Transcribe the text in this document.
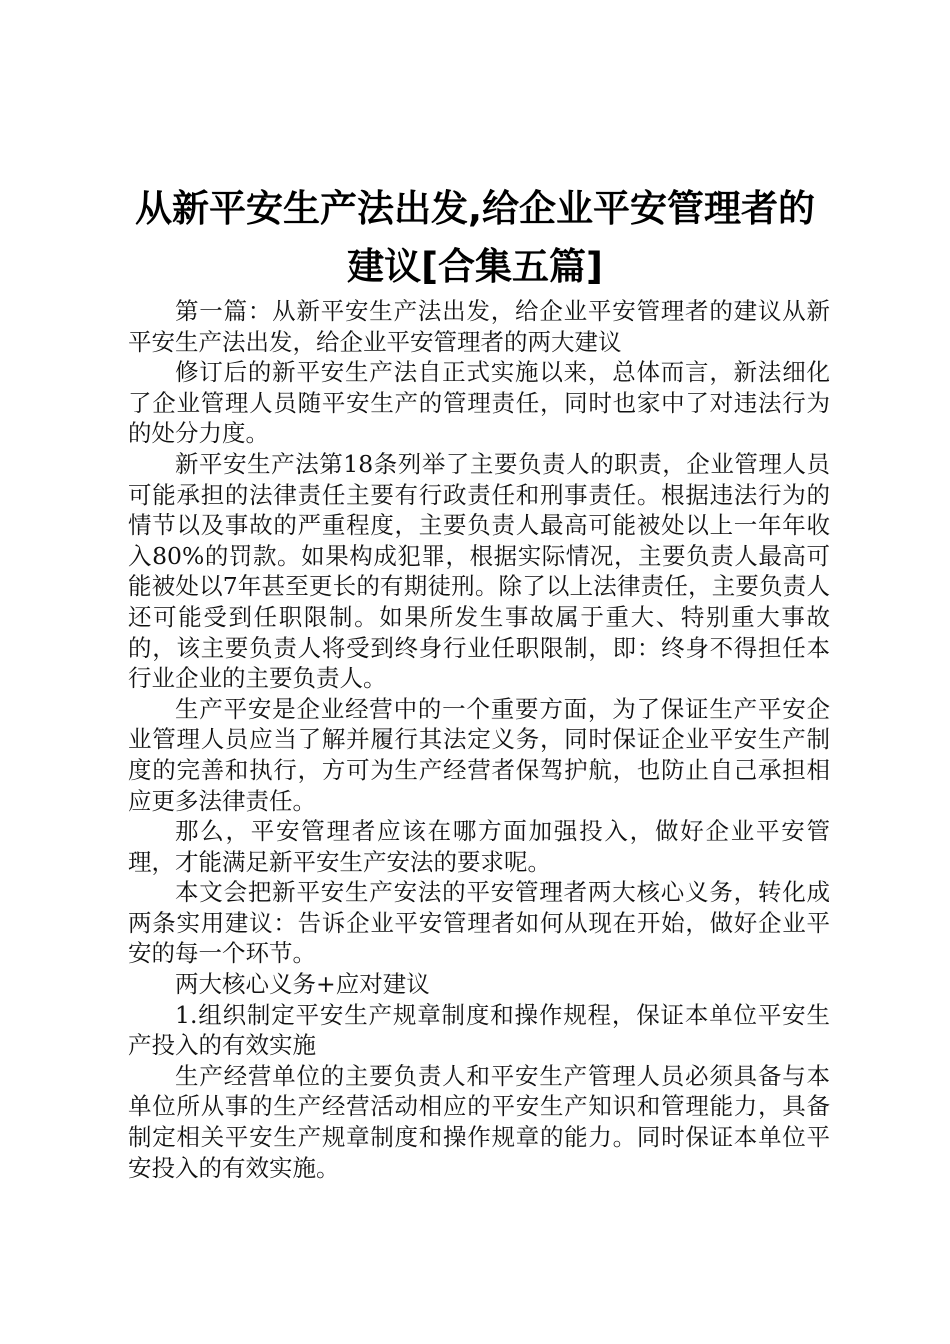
从新平安生产法出发,给企业平安管理者的建议[合集五篇]

第一篇：从新平安生产法出发，给企业平安管理者的建议从新平安生产法出发，给企业平安管理者的两大建议

修订后的新平安生产法自正式实施以来，总体而言，新法细化了企业管理人员随平安生产的管理责任，同时也家中了对违法行为的处分力度。

新平安生产法第18条列举了主要负责人的职责，企业管理人员可能承担的法律责任主要有行政责任和刑事责任。根据违法行为的情节以及事故的严重程度，主要负责人最高可能被处以上一年年收入80%的罚款。如果构成犯罪，根据实际情况，主要负责人最高可能被处以7年甚至更长的有期徒刑。除了以上法律责任，主要负责人还可能受到任职限制。如果所发生事故属于重大、特别重大事故的，该主要负责人将受到终身行业任职限制，即：终身不得担任本行业企业的主要负责人。

生产平安是企业经营中的一个重要方面，为了保证生产平安企业管理人员应当了解并履行其法定义务，同时保证企业平安生产制度的完善和执行，方可为生产经营者保驾护航，也防止自己承担相应更多法律责任。

那么，平安管理者应该在哪方面加强投入，做好企业平安管理，才能满足新平安生产安法的要求呢。

本文会把新平安生产安法的平安管理者两大核心义务，转化成两条实用建议：告诉企业平安管理者如何从现在开始，做好企业平安的每一个环节。

两大核心义务+应对建议

1.组织制定平安生产规章制度和操作规程，保证本单位平安生产投入的有效实施

生产经营单位的主要负责人和平安生产管理人员必须具备与本单位所从事的生产经营活动相应的平安生产知识和管理能力，具备制定相关平安生产规章制度和操作规章的能力。同时保证本单位平安投入的有效实施。
